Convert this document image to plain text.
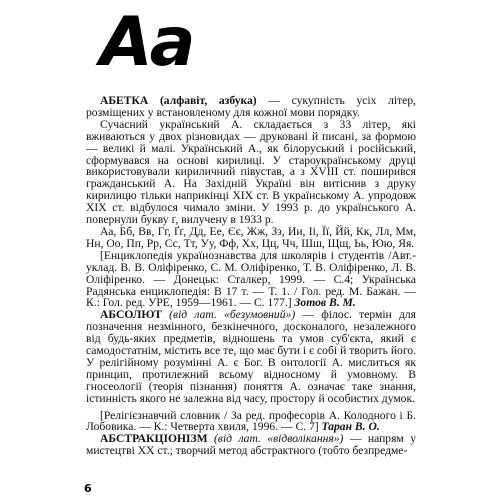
Aa

АБЕТКА (алфавіт, азбука) — сукупність усіх літер, розміщених у встановленому для кожної мови порядку.

Сучасний український А. складається з 33 літер, які вживаються у двох різновидах — друкованi й писанi, за формою — великі й малі. Український А., як білоруський і російський, сформувався на основі кирилиці. У староукраїнському друці використовували кириличний півустав, а з XVIII ст. поширився гражданський А. На Західній Україні він витіснив з друку кирилицю тільки наприкінці XIX ст. В українському А. упродовж XIX ст. відбулося чимало зміни. У 1993 р. до українського А. повернули букву ґ, вилучену в 1933 р.

Аа, Бб, Вв, Гг, Ґґ, Дд, Ее, Єє, Жж, Зз, Ии, Іі, Її, Йй, Кк, Лл, Мм, Нн, Оо, Пп, Рр, Сс, Тт, Уу, Фф, Хх, Цц, Чч, Шш, Щщ, Ьь, Юю, Яя.

[Енциклопедія українознавства для школярів і студентів /Авт.-уклад. В. В. Оліфіренко, С. М. Оліфіренко, Т. В. Оліфіренко, Л. В. Оліфіренко. — Донецьк: Сталкер, 1999. — С.4; Українська Радянська енциклопедія: В 17 т. — Т. 1. / Гол. ред. М. Бажан. — К.: Гол. ред. УРЕ, 1959—1961. — С. 177.] Зотов В. М.

АБСОЛЮТ (від лат. «безумовний») — філос. термін для позначення незмінного, безкінечного, досконалого, незалежного від будь-яких предметів, відношень та умов суб'єкта, який є самодостатнім, містить все те, що має бути і є собі й творить його. У релігійному розумінні А. є Бог. В онтології А. мислиться як принцип, протилежний всьому відносному й умовному. В гносеології (теорія пізнання) поняття А. означає таке знання, істинність якого не залежна від часу, простору й особистих думок.

[Релігієзнавчий словник / За ред. професорів А. Колодного і Б. Лобовика. — К.: Четверта хвиля, 1996. — С. 7] Таран В. О.

АБСТРАКЦІОНІЗМ (від лат. «відволікання») — напрям у мистецтві XX ст.; творчий метод абстрактного (тобто безпредме-

6
